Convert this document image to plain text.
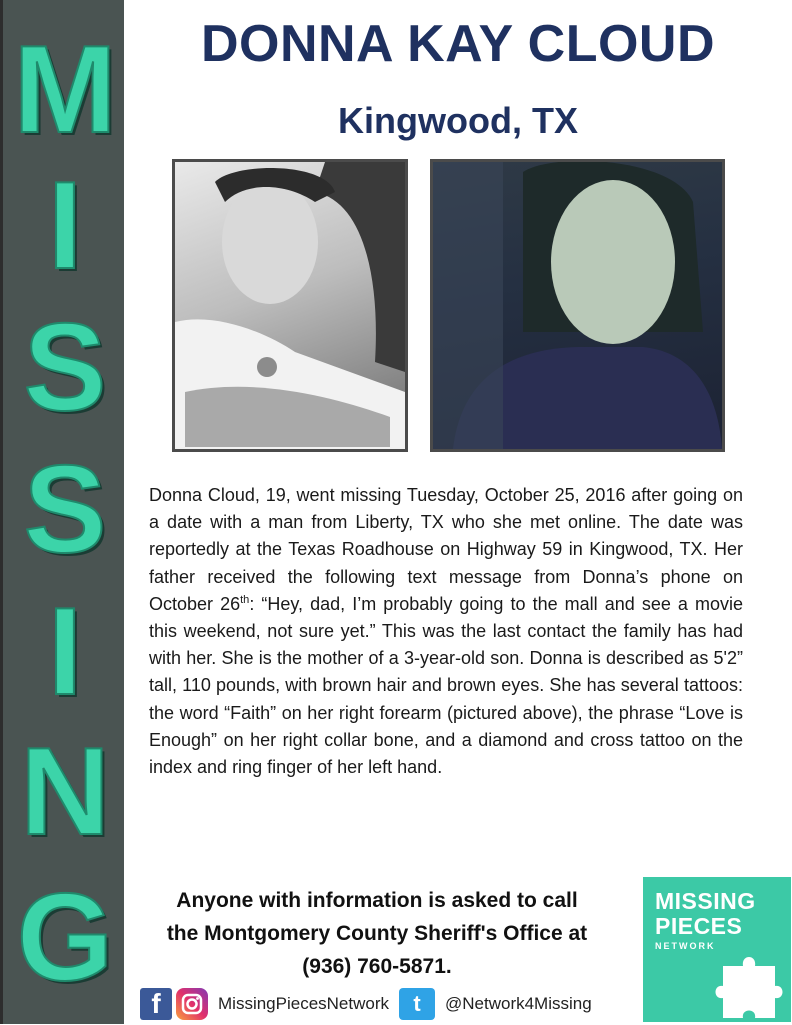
M
I
S
S
I
N
G
DONNA KAY CLOUD
Kingwood, TX

Donna Cloud, 19, went missing Tuesday, October 25, 2016 after going on a date with a man from Liberty, TX who she met online. The date was reportedly at the Texas Roadhouse on Highway 59 in Kingwood, TX. Her father received the following text message from Donna’s phone on October 26th: “Hey, dad, I’m probably going to the mall and see a movie this weekend, not sure yet.” This was the last contact the family has had with her. She is the mother of a 3-year-old son. Donna is described as 5'2” tall, 110 pounds, with brown hair and brown eyes. She has several tattoos: the word “Faith” on her right forearm (pictured above), the phrase “Love is Enough” on her right collar bone, and a diamond and cross tattoo on the index and ring finger of her left hand.

Anyone with information is asked to call
the Montgomery County Sheriff's Office at
(936) 760-5871.
f	MissingPiecesNetwork	t	@Network4Missing
MISSING
PIECES
NETWORK
